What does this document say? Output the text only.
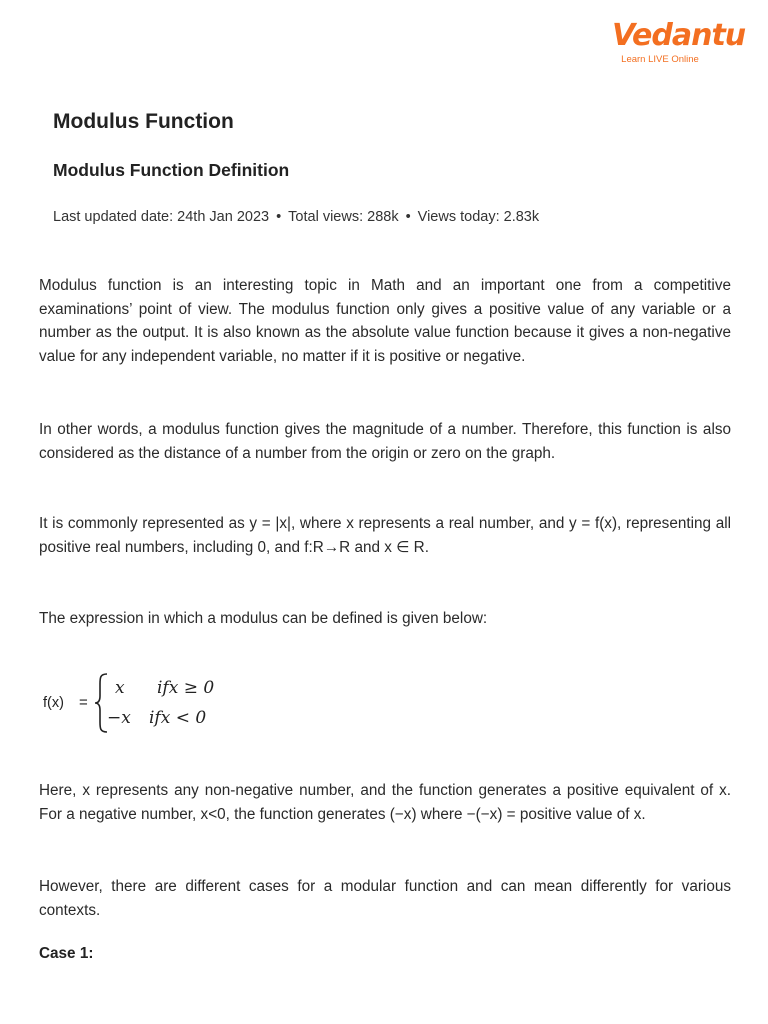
Vedantu
Learn LIVE Online
Modulus Function
Modulus Function Definition
Last updated date: 24th Jan 2023 • Total views: 288k • Views today: 2.83k

Modulus function is an interesting topic in Math and an important one from a competitive examinations’ point of view. The modulus function only gives a positive value of any variable or a number as the output. It is also known as the absolute value function because it gives a non-negative value for any independent variable, no matter if it is positive or negative.

In other words, a modulus function gives the magnitude of a number. Therefore, this function is also considered as the distance of a number from the origin or zero on the graph.

It is commonly represented as y = |x|, where x represents a real number, and y = f(x), representing all positive real numbers, including 0, and f:R→R and x ∈ R.

The expression in which a modulus can be defined is given below:

f(x) =
x ifx ≥ 0
−x ifx < 0

Here, x represents any non-negative number, and the function generates a positive equivalent of x. For a negative number, x<0, the function generates (−x) where −(−x) = positive value of x.

However, there are different cases for a modular function and can mean differently for various contexts.

Case 1:
